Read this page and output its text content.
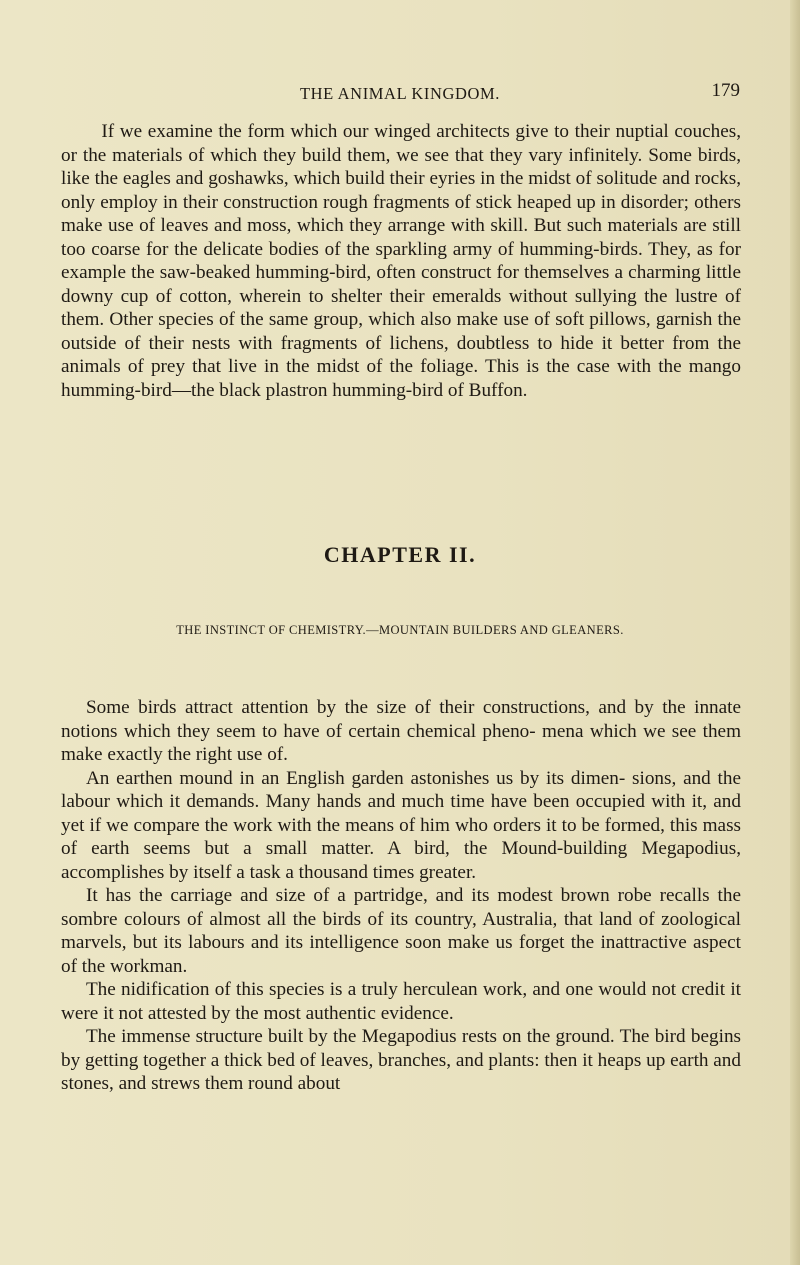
THE ANIMAL KINGDOM.	179

If we examine the form which our winged architects give to their nuptial couches, or the materials of which they build them, we see that they vary infinitely. Some birds, like the eagles and goshawks, which build their eyries in the midst of solitude and rocks, only employ in their construction rough fragments of stick heaped up in disorder; others make use of leaves and moss, which they arrange with skill. But such materials are still too coarse for the delicate bodies of the sparkling army of humming-birds. They, as for example the saw-beaked humming-bird, often construct for themselves a charming little downy cup of cotton, wherein to shelter their emeralds without sullying the lustre of them. Other species of the same group, which also make use of soft pillows, garnish the outside of their nests with fragments of lichens, doubtless to hide it better from the animals of prey that live in the midst of the foliage. This is the case with the mango humming-bird—the black plastron humming-bird of Buffon.

CHAPTER II.
THE INSTINCT OF CHEMISTRY.—MOUNTAIN BUILDERS AND GLEANERS.

Some birds attract attention by the size of their constructions, and by the innate notions which they seem to have of certain chemical pheno- mena which we see them make exactly the right use of.

An earthen mound in an English garden astonishes us by its dimen- sions, and the labour which it demands. Many hands and much time have been occupied with it, and yet if we compare the work with the means of him who orders it to be formed, this mass of earth seems but a small matter. A bird, the Mound-building Megapodius, accomplishes by itself a task a thousand times greater.

It has the carriage and size of a partridge, and its modest brown robe recalls the sombre colours of almost all the birds of its country, Australia, that land of zoological marvels, but its labours and its intelligence soon make us forget the inattractive aspect of the workman.

The nidification of this species is a truly herculean work, and one would not credit it were it not attested by the most authentic evidence.

The immense structure built by the Megapodius rests on the ground. The bird begins by getting together a thick bed of leaves, branches, and plants: then it heaps up earth and stones, and strews them round about
